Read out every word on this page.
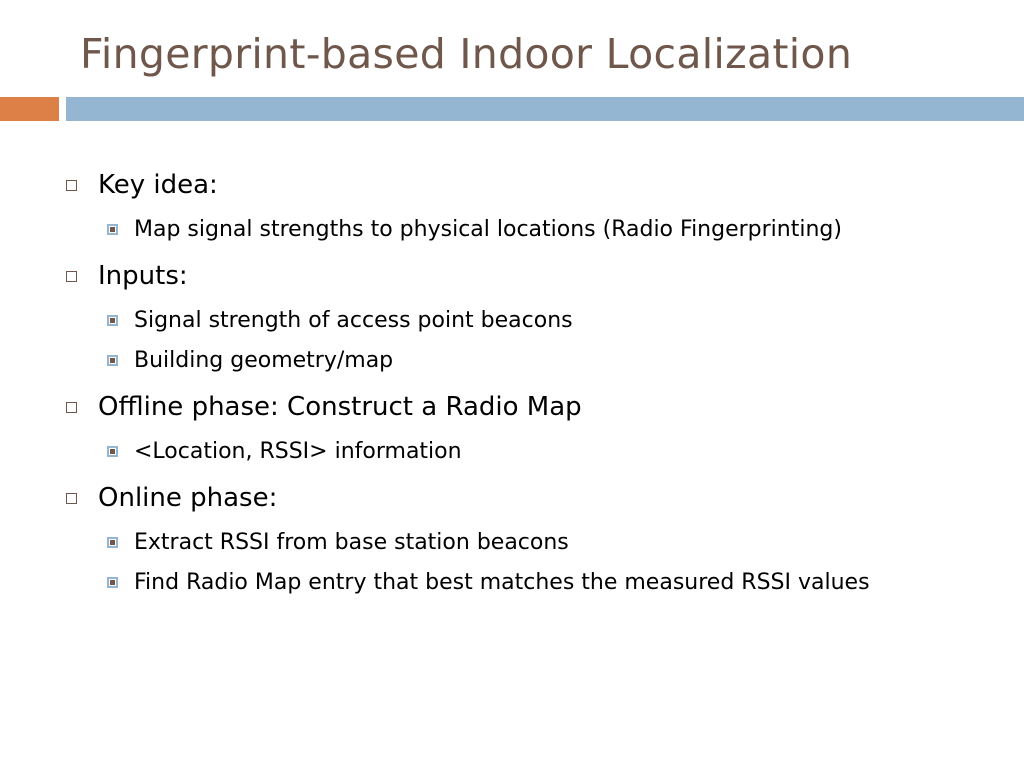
Fingerprint-based Indoor Localization
Key idea:
Map signal strengths to physical locations (Radio Fingerprinting)
Inputs:
Signal strength of access point beacons
Building geometry/map
Offline phase: Construct a Radio Map
<Location, RSSI> information
Online phase:
Extract RSSI from base station beacons
Find Radio Map entry that best matches the measured RSSI values
